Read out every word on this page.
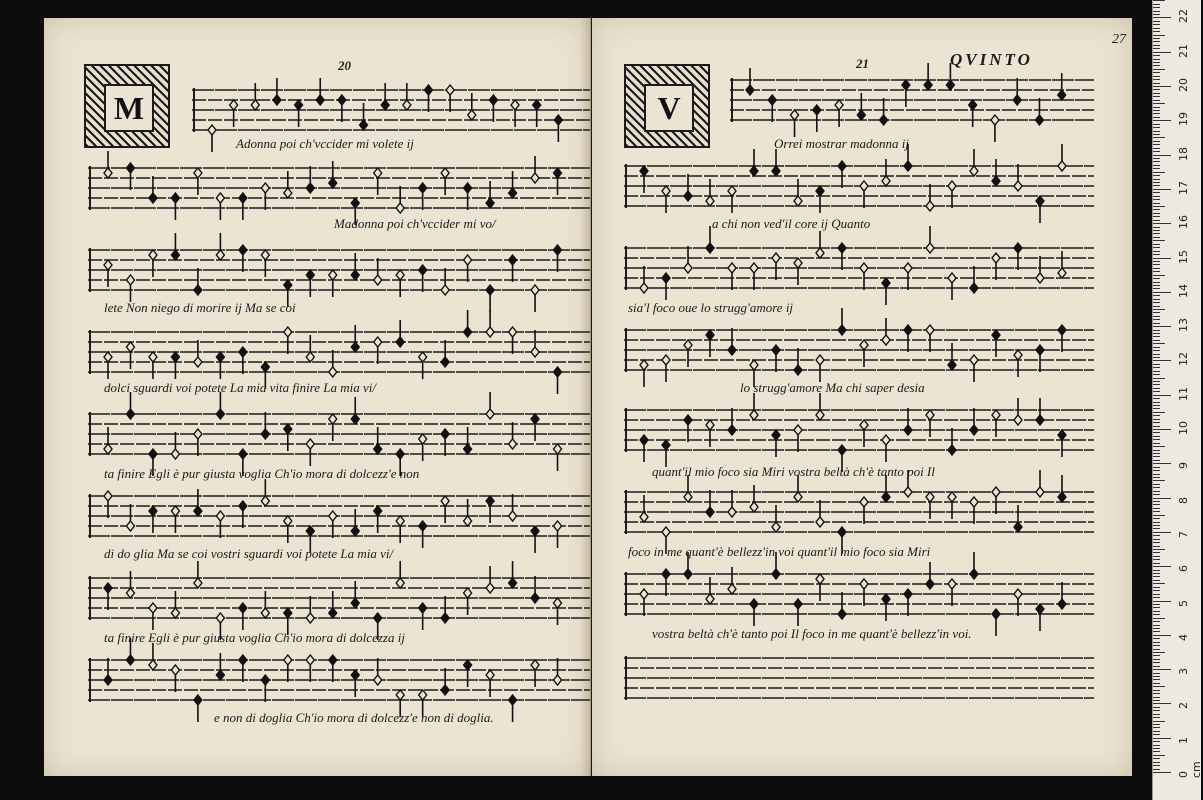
20
M
Adonna poi ch'vccider mi volete ij
Madonna poi ch'vccider mi vo/
lete Non niego di morire ij Ma se coi
dolci sguardi voi potete La mia vita finire La mia vi/
ta finire Egli è pur giusta voglia Ch'io mora di dolcezz'e non
di do glia Ma se coi vostri sguardi voi potete La mia vi/
ta finire Egli è pur giusta voglia Ch'io mora di dolcezza ij
e non di doglia Ch'io mora di dolcezz'e non di doglia.
21	QVINTO
27
V
Orrei mostrar madonna ij
a chi non ved'il core ij Quanto
sia'l foco oue lo strugg'amore ij
lo strugg'amore Ma chi saper desia
quant'il mio foco sia Miri vostra beltà ch'è tanto poi Il
foco in me quant'è bellezz'in voi quant'il mio foco sia Miri
vostra beltà ch'è tanto poi Il foco in me quant'è bellezz'in voi.
0 cm
1
2
3
4
5
6
7
8
9
10
11
12
13
14
15
16
17
18
19
20
21
22
